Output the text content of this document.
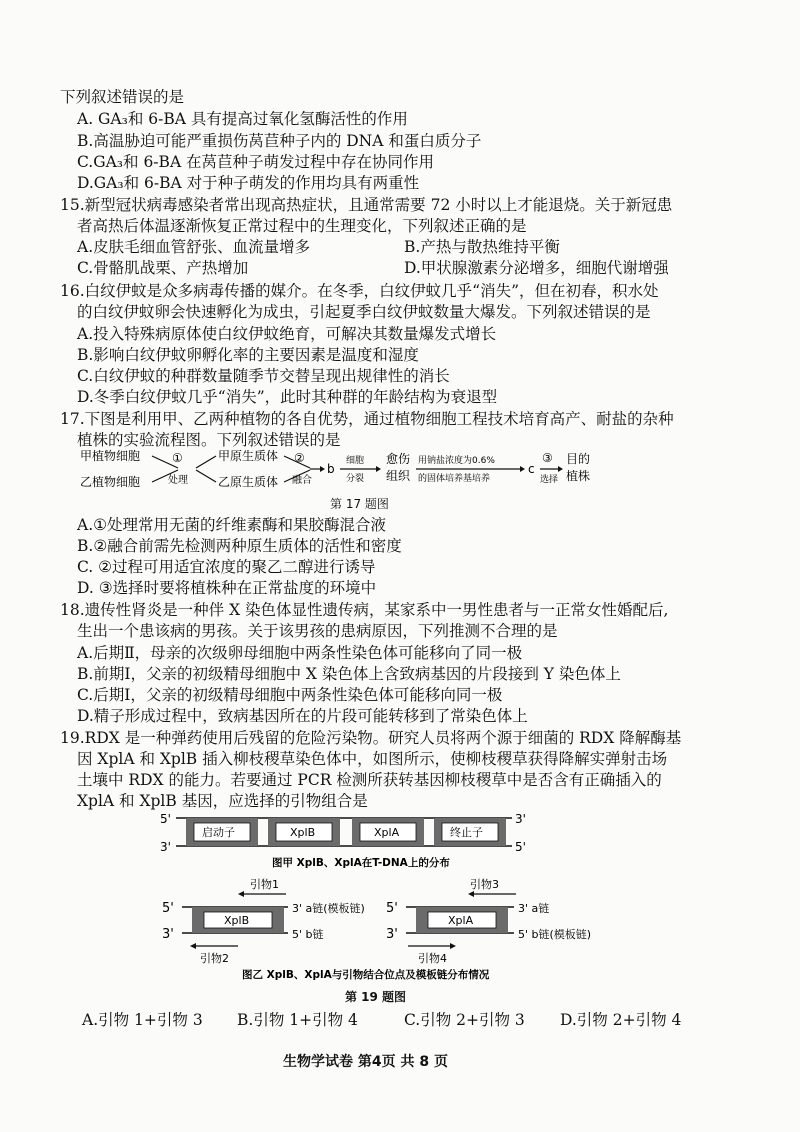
下列叙述错误的是
A. GA₃和 6-BA 具有提高过氧化氢酶活性的作用
B.高温胁迫可能严重损伤莴苣种子内的 DNA 和蛋白质分子
C.GA₃和 6-BA 在莴苣种子萌发过程中存在协同作用
D.GA₃和 6-BA 对于种子萌发的作用均具有两重性
15.新型冠状病毒感染者常出现高热症状，且通常需要 72 小时以上才能退烧。关于新冠患
者高热后体温逐渐恢复正常过程中的生理变化，下列叙述正确的是
A.皮肤毛细血管舒张、血流量增多	B.产热与散热维持平衡
C.骨骼肌战栗、产热增加	D.甲状腺激素分泌增多，细胞代谢增强
16.白纹伊蚊是众多病毒传播的媒介。在冬季，白纹伊蚊几乎“消失”，但在初春，积水处
的白纹伊蚊卵会快速孵化为成虫，引起夏季白纹伊蚊数量大爆发。下列叙述错误的是
A.投入特殊病原体使白纹伊蚊绝育，可解决其数量爆发式增长
B.影响白纹伊蚊卵孵化率的主要因素是温度和湿度
C.白纹伊蚊的种群数量随季节交替呈现出规律性的消长
D.冬季白纹伊蚊几乎“消失”，此时其种群的年龄结构为衰退型
17.下图是利用甲、乙两种植物的各自优势，通过植物细胞工程技术培育高产、耐盐的杂种
植株的实验流程图。下列叙述错误的是
甲植物细胞
乙植物细胞
①
处理
甲原生质体
乙原生质体
②
融合
b
细胞
分裂
愈伤
组织
用钠盐浓度为0.6%
的固体培养基培养
c
③
选择
目的
植株
第 17 题图
A.①处理常用无菌的纤维素酶和果胶酶混合液
B.②融合前需先检测两种原生质体的活性和密度
C. ②过程可用适宜浓度的聚乙二醇进行诱导
D. ③选择时要将植株种在正常盐度的环境中
18.遗传性肾炎是一种伴 X 染色体显性遗传病，某家系中一男性患者与一正常女性婚配后,
生出一个患该病的男孩。关于该男孩的患病原因，下列推测不合理的是
A.后期Ⅱ，母亲的次级卵母细胞中两条性染色体可能移向了同一极
B.前期Ⅰ，父亲的初级精母细胞中 X 染色体上含致病基因的片段接到 Y 染色体上
C.后期Ⅰ，父亲的初级精母细胞中两条性染色体可能移向同一极
D.精子形成过程中，致病基因所在的片段可能转移到了常染色体上
19.RDX 是一种弹药使用后残留的危险污染物。研究人员将两个源于细菌的 RDX 降解酶基
因 XplA 和 XplB 插入柳枝稷草染色体中，如图所示，使柳枝稷草获得降解实弹射击场
土壤中 RDX 的能力。若要通过 PCR 检测所获转基因柳枝稷草中是否含有正确插入的
XplA 和 XplB 基因，应选择的引物组合是
5'
3'
3'
5'
启动子	XplB	XplA	终止子
图甲 XplB、XplA在T-DNA上的分布
引物1
5'
3'
XplB
3' a链(模板链)
5' b链
引物2
引物3
5'
3'
XplA
3' a链
5' b链(模板链)
引物4
图乙 XplB、XplA与引物结合位点及模板链分布情况
第 19 题图
A.引物 1+引物 3 B.引物 1+引物 4	C.引物 2+引物 3 D.引物 2+引物 4
生物学试卷 第4页 共 8 页
